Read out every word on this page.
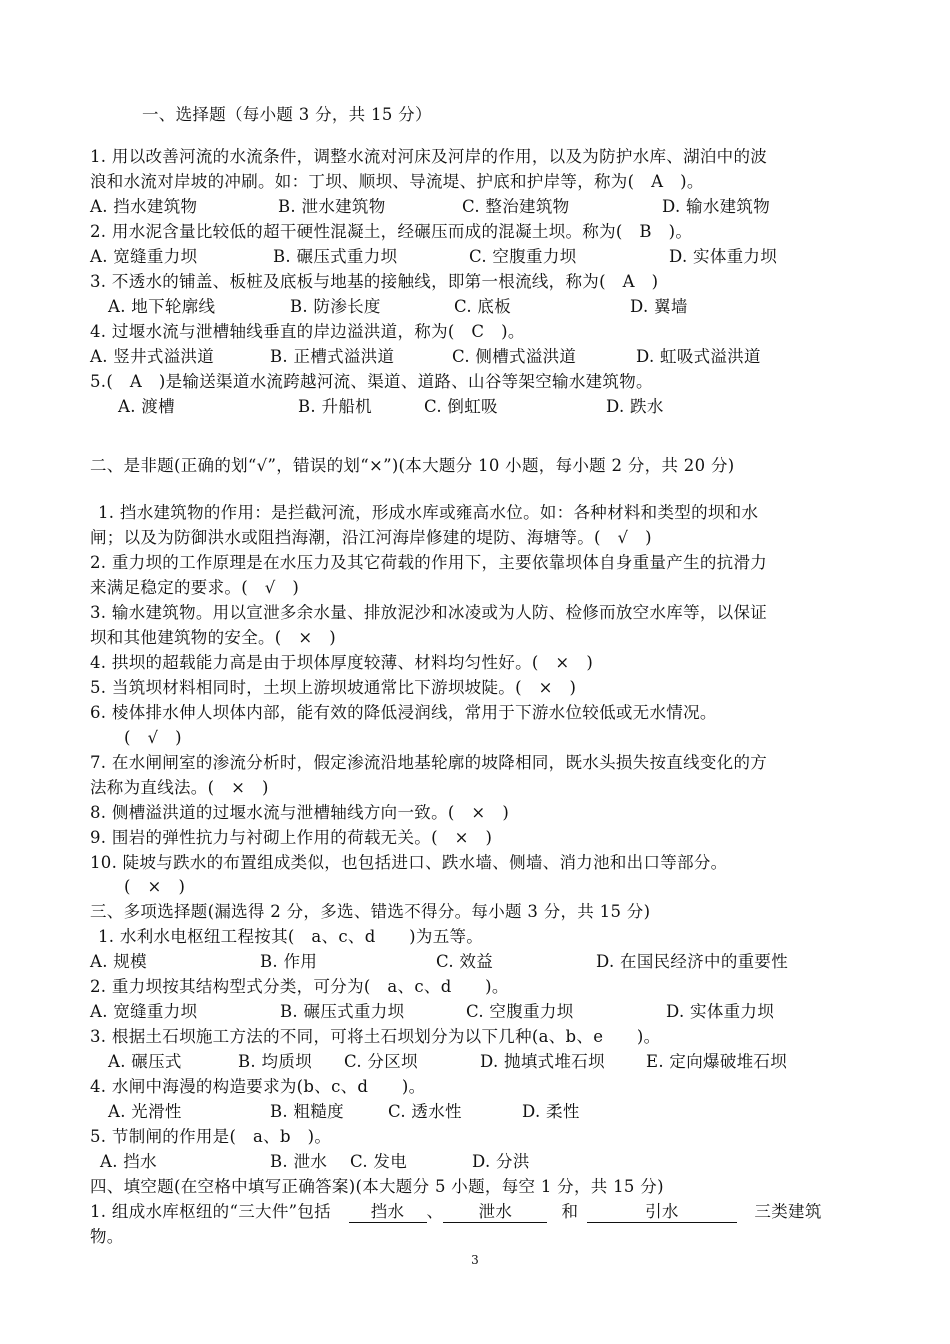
一、选择题（每小题 3 分，共 15 分）
1. 用以改善河流的水流条件，调整水流对河床及河岸的作用，以及为防护水库、湖泊中的波
浪和水流对岸坡的冲刷。如：丁坝、顺坝、导流堤、护底和护岸等，称为(　A　)。
A. 挡水建筑物	B. 泄水建筑物	C. 整治建筑物	D. 输水建筑物
2. 用水泥含量比较低的超干硬性混凝土，经碾压而成的混凝土坝。称为(　B　)。
A. 宽缝重力坝	B. 碾压式重力坝	C. 空腹重力坝	D. 实体重力坝
3. 不透水的铺盖、板桩及底板与地基的接触线，即第一根流线，称为(　A　)
A. 地下轮廓线	B. 防渗长度	C. 底板	D. 翼墙
4. 过堰水流与泄槽轴线垂直的岸边溢洪道，称为(　C　)。
A. 竖井式溢洪道	B. 正槽式溢洪道	C. 侧槽式溢洪道	D. 虹吸式溢洪道
5.(　A　)是输送渠道水流跨越河流、渠道、道路、山谷等架空输水建筑物。
A. 渡槽	B. 升船机	C. 倒虹吸	D. 跌水
二、是非题(正确的划“√”，错误的划“×”)(本大题分 10 小题，每小题 2 分，共 20 分)
1. 挡水建筑物的作用：是拦截河流，形成水库或雍高水位。如：各种材料和类型的坝和水
闸；以及为防御洪水或阻挡海潮，沿江河海岸修建的堤防、海塘等。(　√　)
2. 重力坝的工作原理是在水压力及其它荷载的作用下，主要依靠坝体自身重量产生的抗滑力
来满足稳定的要求。(　√　)
3. 输水建筑物。用以宣泄多余水量、排放泥沙和冰凌或为人防、检修而放空水库等，以保证
坝和其他建筑物的安全。(　×　)
4. 拱坝的超载能力高是由于坝体厚度较薄、材料均匀性好。(　×　)
5. 当筑坝材料相同时，土坝上游坝坡通常比下游坝坡陡。(　×　)
6. 棱体排水伸人坝体内部，能有效的降低浸润线，常用于下游水位较低或无水情况。
(　√　)
7. 在水闸闸室的渗流分析时，假定渗流沿地基轮廓的坡降相同，既水头损失按直线变化的方
法称为直线法。(　×　)
8. 侧槽溢洪道的过堰水流与泄槽轴线方向一致。(　×　)
9. 围岩的弹性抗力与衬砌上作用的荷载无关。(　×　)
10. 陡坡与跌水的布置组成类似，也包括进口、跌水墙、侧墙、消力池和出口等部分。
(　×　)
三、多项选择题(漏选得 2 分，多选、错选不得分。每小题 3 分，共 15 分)
1. 水利水电枢纽工程按其(　a、c、d　　)为五等。
A. 规模	B. 作用	C. 效益	D. 在国民经济中的重要性
2. 重力坝按其结构型式分类，可分为(　a、c、d　　)。
A. 宽缝重力坝	B. 碾压式重力坝	C. 空腹重力坝	D. 实体重力坝
3. 根据土石坝施工方法的不同，可将土石坝划分为以下几种(a、b、e　　)。
A. 碾压式	B. 均质坝 C. 分区坝	D. 抛填式堆石坝 E. 定向爆破堆石坝
4. 水闸中海漫的构造要求为(b、c、d　　)。
A. 光滑性	B. 粗糙度	C. 透水性	D. 柔性
5. 节制闸的作用是(　a、b　)。
A. 挡水	B. 泄水 C. 发电	D. 分洪
四、填空题(在空格中填写正确答案)(本大题分 5 小题，每空 1 分，共 15 分)
1. 组成水库枢纽的“三大件”包括 挡水 、 泄水	和	引水	三类建筑
物。
3
